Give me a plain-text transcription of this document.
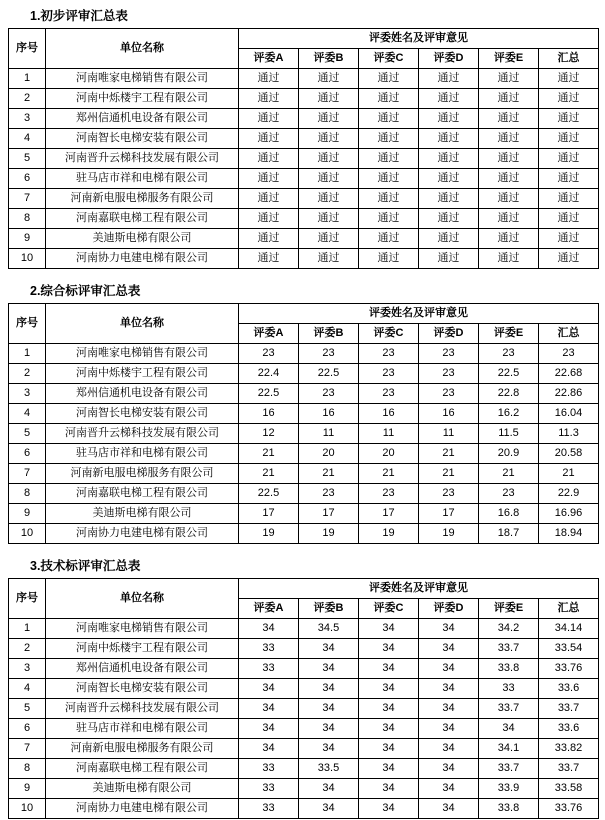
1.初步评审汇总表
序号	单位名称	评委姓名及评审意见					
		评委A	评委B	评委C	评委D	评委E	汇总
1	河南唯家电梯销售有限公司	通过	通过	通过	通过	通过	通过
2	河南中烁楼宇工程有限公司	通过	通过	通过	通过	通过	通过
3	郑州信通机电设备有限公司	通过	通过	通过	通过	通过	通过
4	河南智长电梯安装有限公司	通过	通过	通过	通过	通过	通过
5	河南晋升云梯科技发展有限公司	通过	通过	通过	通过	通过	通过
6	驻马店市祥和电梯有限公司	通过	通过	通过	通过	通过	通过
7	河南新电服电梯服务有限公司	通过	通过	通过	通过	通过	通过
8	河南嘉联电梯工程有限公司	通过	通过	通过	通过	通过	通过
9	美迪斯电梯有限公司	通过	通过	通过	通过	通过	通过
10	河南协力电建电梯有限公司	通过	通过	通过	通过	通过	通过
2.综合标评审汇总表
序号	单位名称	评委姓名及评审意见					
		评委A	评委B	评委C	评委D	评委E	汇总
1	河南唯家电梯销售有限公司	23	23	23	23	23	23
2	河南中烁楼宇工程有限公司	22.4	22.5	23	23	22.5	22.68
3	郑州信通机电设备有限公司	22.5	23	23	23	22.8	22.86
4	河南智长电梯安装有限公司	16	16	16	16	16.2	16.04
5	河南晋升云梯科技发展有限公司	12	11	11	11	11.5	11.3
6	驻马店市祥和电梯有限公司	21	20	20	21	20.9	20.58
7	河南新电服电梯服务有限公司	21	21	21	21	21	21
8	河南嘉联电梯工程有限公司	22.5	23	23	23	23	22.9
9	美迪斯电梯有限公司	17	17	17	17	16.8	16.96
10	河南协力电建电梯有限公司	19	19	19	19	18.7	18.94
3.技术标评审汇总表
序号	单位名称	评委姓名及评审意见					
		评委A	评委B	评委C	评委D	评委E	汇总
1	河南唯家电梯销售有限公司	34	34.5	34	34	34.2	34.14
2	河南中烁楼宇工程有限公司	33	34	34	34	33.7	33.54
3	郑州信通机电设备有限公司	33	34	34	34	33.8	33.76
4	河南智长电梯安装有限公司	34	34	34	34	33	33.6
5	河南晋升云梯科技发展有限公司	34	34	34	34	33.7	33.7
6	驻马店市祥和电梯有限公司	34	34	34	34	34	33.6
7	河南新电服电梯服务有限公司	34	34	34	34	34.1	33.82
8	河南嘉联电梯工程有限公司	33	33.5	34	34	33.7	33.7
9	美迪斯电梯有限公司	33	34	34	34	33.9	33.58
10	河南协力电建电梯有限公司	33	34	34	34	33.8	33.76
